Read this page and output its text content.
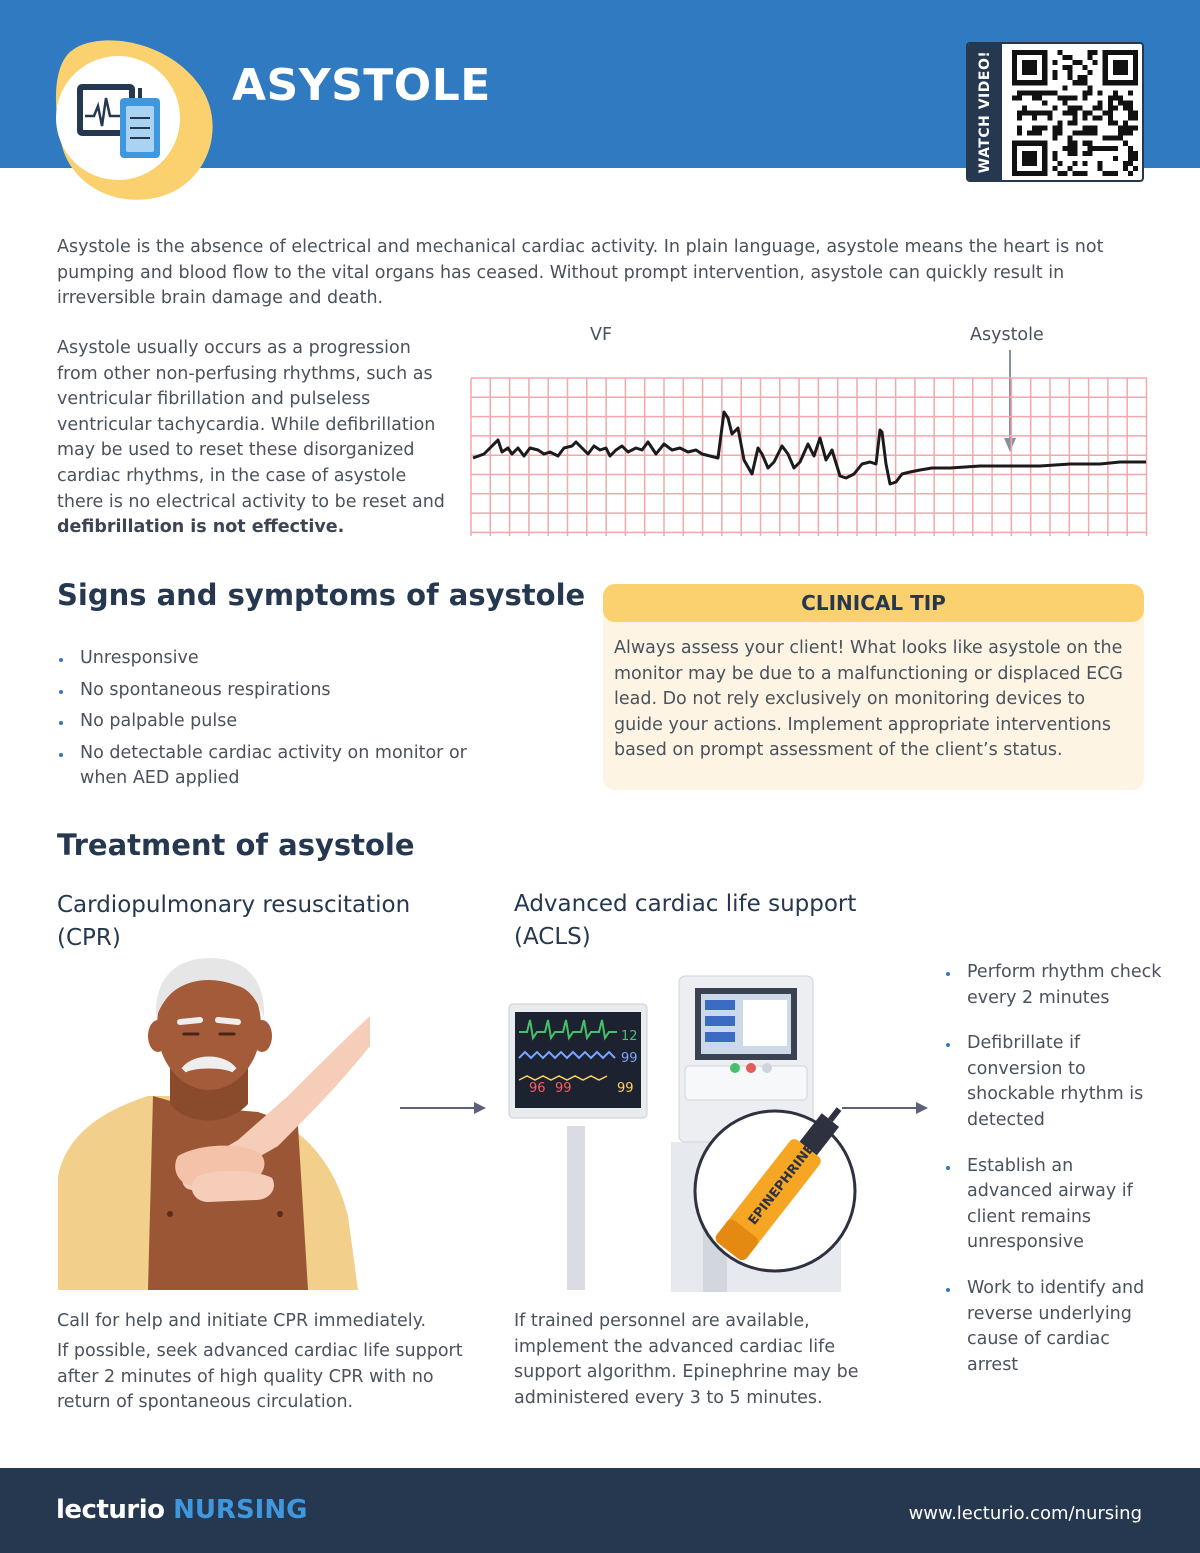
ASYSTOLE	WATCH VIDEO!

Asystole is the absence of electrical and mechanical cardiac activity. In plain language, asystole means the heart is not pumping and blood flow to the vital organs has ceased. Without prompt intervention, asystole can quickly result in irreversible brain damage and death.

Asystole usually occurs as a progression from other non-perfusing rhythms, such as ventricular fibrillation and pulseless ventricular tachycardia. While defibrillation may be used to reset these disorganized cardiac rhythms, in the case of asystole there is no electrical activity to be reset and defibrillation is not effective.

VF	Asystole
Signs and symptoms of asystole
Unresponsive
No spontaneous respirations
No palpable pulse
No detectable cardiac activity on monitor or when AED applied
CLINICAL TIP

Always assess your client! What looks like asystole on the monitor may be due to a malfunctioning or displaced ECG lead. Do not rely exclusively on monitoring devices to guide your actions. Implement appropriate interventions based on prompt assessment of the client’s status.

Treatment of asystole
Cardiopulmonary resuscitation (CPR)
Advanced cardiac life support (ACLS)
12
99
96 99	99
EPINEPHRINE
Perform rhythm check every 2 minutes
Defibrillate if conversion to shockable rhythm is detected
Establish an advanced airway if client remains unresponsive
Work to identify and reverse underlying cause of cardiac arrest

Call for help and initiate CPR immediately.

If possible, seek advanced cardiac life support after 2 minutes of high quality CPR with no return of spontaneous circulation.

If trained personnel are available, implement the advanced cardiac life support algorithm. Epinephrine may be administered every 3 to 5 minutes.

lecturio NURSING	www.lecturio.com/nursing
